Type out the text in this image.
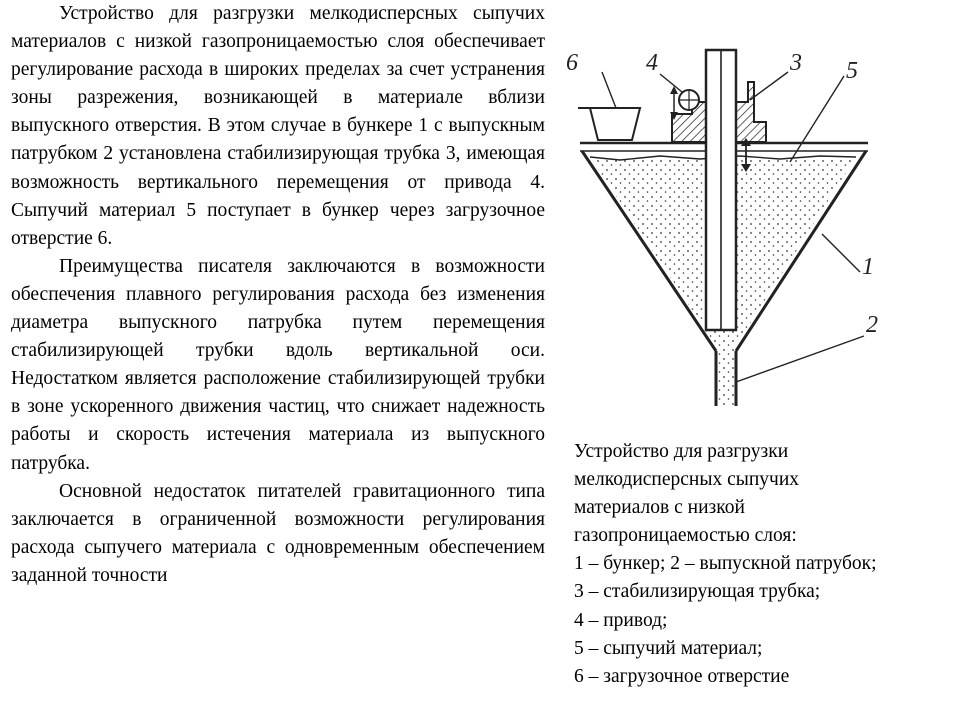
Устройство для разгрузки мелкодисперсных сыпучих материалов с низкой газопроницаемостью слоя обеспечивает регулирование расхода в широких пределах за счет устранения зоны разрежения, возникающей в материале вблизи выпускного отверстия. В этом случае в бункере 1 с выпускным патрубком 2 установлена стабилизирующая трубка 3, имеющая возможность вертикального перемещения от привода 4. Сыпучий материал 5 поступает в бункер через загрузочное отверстие 6.

Преимущества писателя заключаются в возможности обеспечения плавного регулирования расхода без изменения диаметра выпускного патрубка путем перемещения стабилизирующей трубки вдоль вертикальной оси. Недостатком является расположение стабилизирующей трубки в зоне ускоренного движения частиц, что снижает надежность работы и скорость истечения материала из выпускного патрубка.

Основной недостаток питателей гравитационного типа заключается в ограниченной возможности регулирования расхода сыпучего материала с одновременным обеспечением заданной точности

6	4	3 5
1
2
Устройство для разгрузки
мелкодисперсных сыпучих
материалов с низкой
газопроницаемостью слоя:
1 – бункер; 2 – выпускной патрубок;
3 – стабилизирующая трубка;
4 – привод;
5 – сыпучий материал;
6 – загрузочное отверстие
